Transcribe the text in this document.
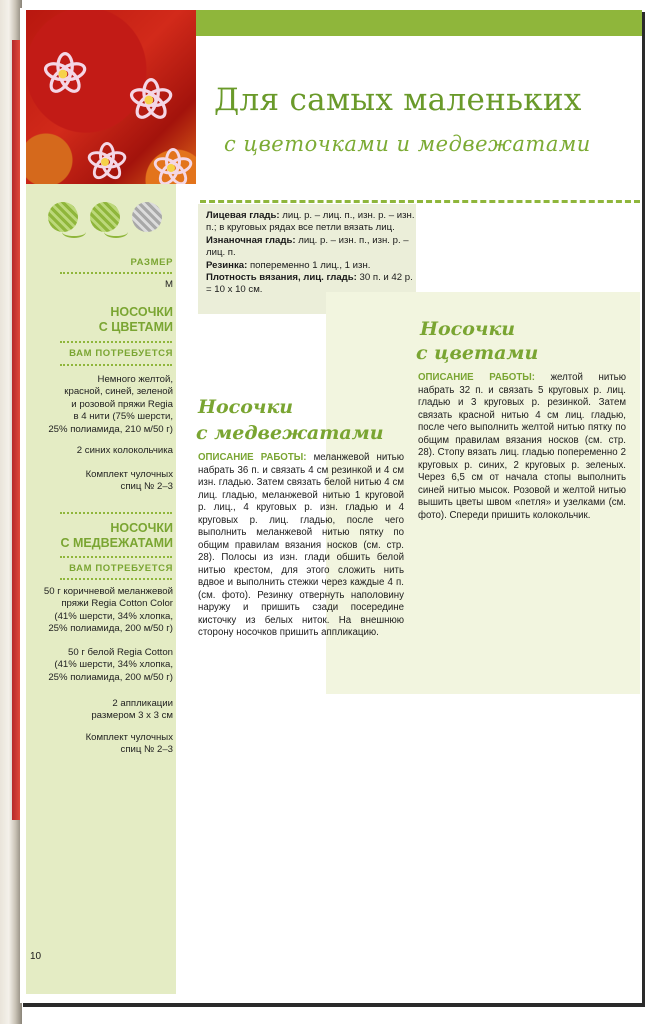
Для самых маленьких
с цветочками и медвежатами
РАЗМЕР
М
НОСОЧКИ
С ЦВЕТАМИ
ВАМ ПОТРЕБУЕТСЯ
Немного желтой,
красной, синей, зеленой
и розовой пряжи Regia
в 4 нити (75% шерсти,
25% полиамида, 210 м/50 г)
2 синих колокольчика
Комплект чулочных
спиц № 2–3
НОСОЧКИ
С МЕДВЕЖАТАМИ
ВАМ ПОТРЕБУЕТСЯ
50 г коричневой меланжевой
пряжи Regia Cotton Color
(41% шерсти, 34% хлопка,
25% полиамида, 200 м/50 г)
50 г белой Regia Cotton
(41% шерсти, 34% хлопка,
25% полиамида, 200 м/50 г)
2 аппликации
размером 3 х 3 см
Комплект чулочных
спиц № 2–3
Лицевая гладь: лиц. р. – лиц. п., изн. р. – изн. п.; в круговых рядах все петли вязать лиц.
Изнаночная гладь: лиц. р. – изн. п., изн. р. – лиц. п.
Резинка: попеременно 1 лиц., 1 изн.
Плотность вязания, лиц. гладь: 30 п. и 42 р. = 10 х 10 см.
Носочки
с цветами
ОПИСАНИЕ РАБОТЫ: желтой нитью набрать 32 п. и связать 5 круговых р. лиц. гладью и 3 круговых р. резинкой. Затем связать красной нитью 4 см лиц. гладью, после чего выполнить желтой нитью пятку по общим правилам вязания носков (см. стр. 28). Стопу вязать лиц. гладью попеременно 2 круговых р. синих, 2 круговых р. зеленых. Через 6,5 см от начала стопы выполнить синей нитью мысок. Розовой и желтой нитью вышить цветы швом «петля» и узелками (см. фото). Спереди пришить колокольчик.
Носочки
с медвежатами
ОПИСАНИЕ РАБОТЫ: меланжевой нитью набрать 36 п. и связать 4 см резинкой и 4 см изн. гладью. Затем связать белой нитью 4 см лиц. гладью, меланжевой нитью 1 круговой р. лиц., 4 круговых р. изн. гладью и 4 круговых р. лиц. гладью, после чего выполнить меланжевой нитью пятку по общим правилам вязания носков (см. стр. 28). Полосы из изн. глади обшить белой нитью крестом, для этого сложить нить вдвое и выполнить стежки через каждые 4 п. (см. фото). Резинку отвернуть наполовину наружу и пришить сзади посередине кисточку из белых ниток. На внешнюю сторону носочков пришить аппликацию.
10
